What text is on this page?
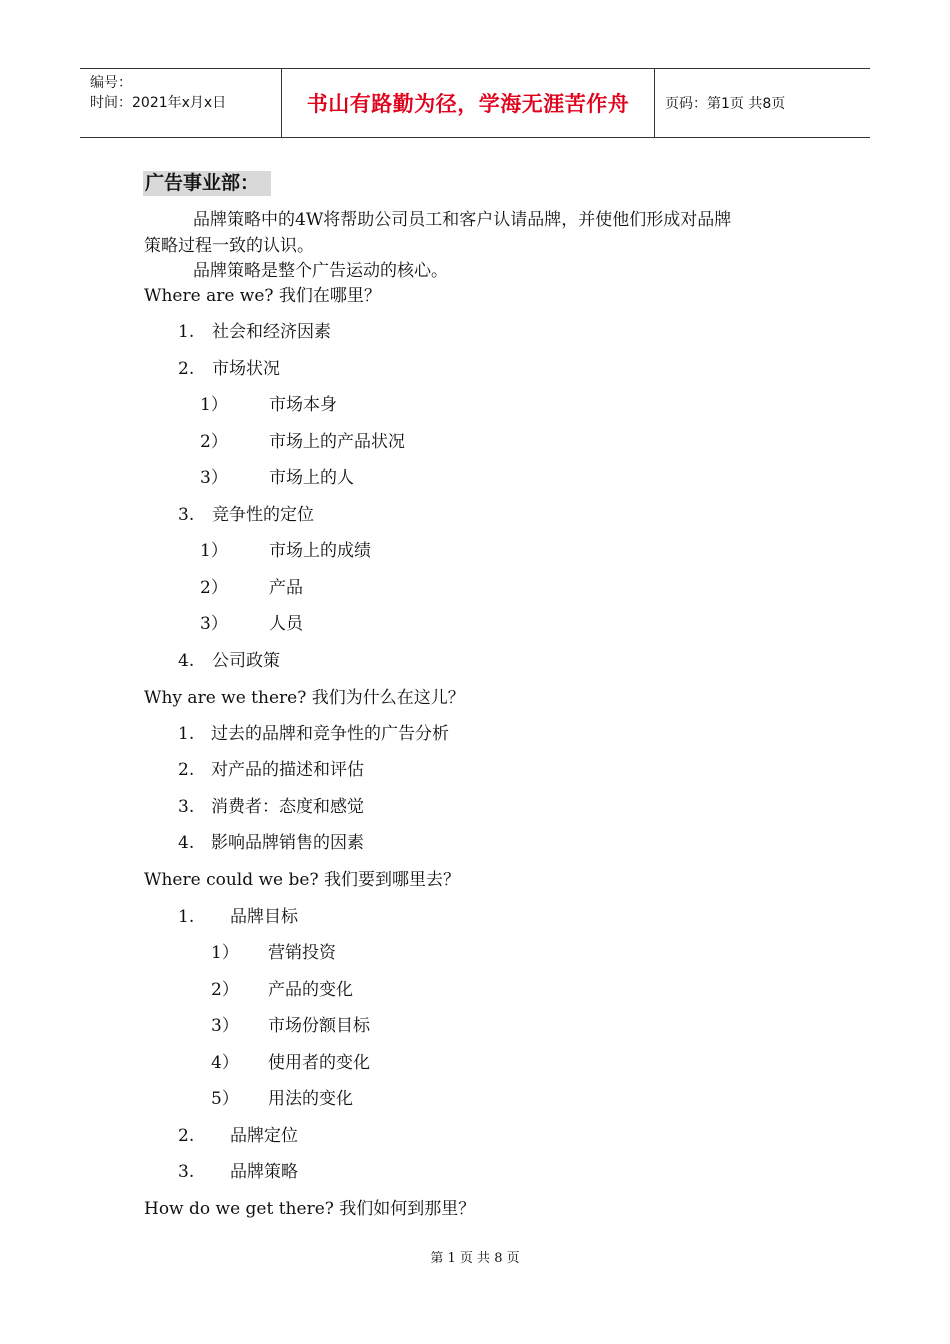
编号：
时间：2021年x月x日	书山有路勤为径，学海无涯苦作舟	页码：第1页 共8页
广告事业部：
品牌策略中的4W将帮助公司员工和客户认请品牌，并使他们形成对品牌
策略过程一致的认识。
品牌策略是整个广告运动的核心。
Where are we? 我们在哪里？
1. 社会和经济因素
2. 市场状况
1） 市场本身
2） 市场上的产品状况
3） 市场上的人
3. 竞争性的定位
1） 市场上的成绩
2） 产品
3） 人员
4. 公司政策
Why are we there? 我们为什么在这儿？
1. 过去的品牌和竞争性的广告分析
2. 对产品的描述和评估
3. 消费者：态度和感觉
4. 影响品牌销售的因素
Where could we be? 我们要到哪里去？
1. 品牌目标
1） 营销投资
2） 产品的变化
3） 市场份额目标
4） 使用者的变化
5） 用法的变化
2. 品牌定位
3. 品牌策略
How do we get there? 我们如何到那里？
第 1 页 共 8 页
